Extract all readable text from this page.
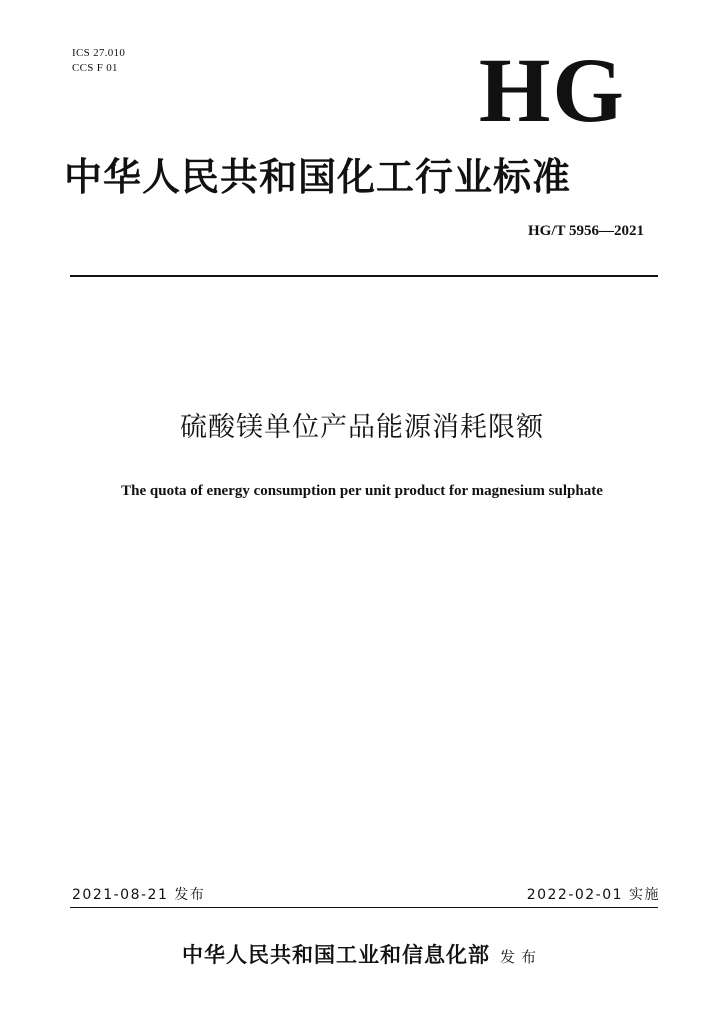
ICS 27.010
CCS F 01	HG
中华人民共和国化工行业标准
HG/T 5956—2021
硫酸镁单位产品能源消耗限额
The quota of energy consumption per unit product for magnesium sulphate
2021-08-21 发布	2022-02-01 实施
中华人民共和国工业和信息化部 发布
